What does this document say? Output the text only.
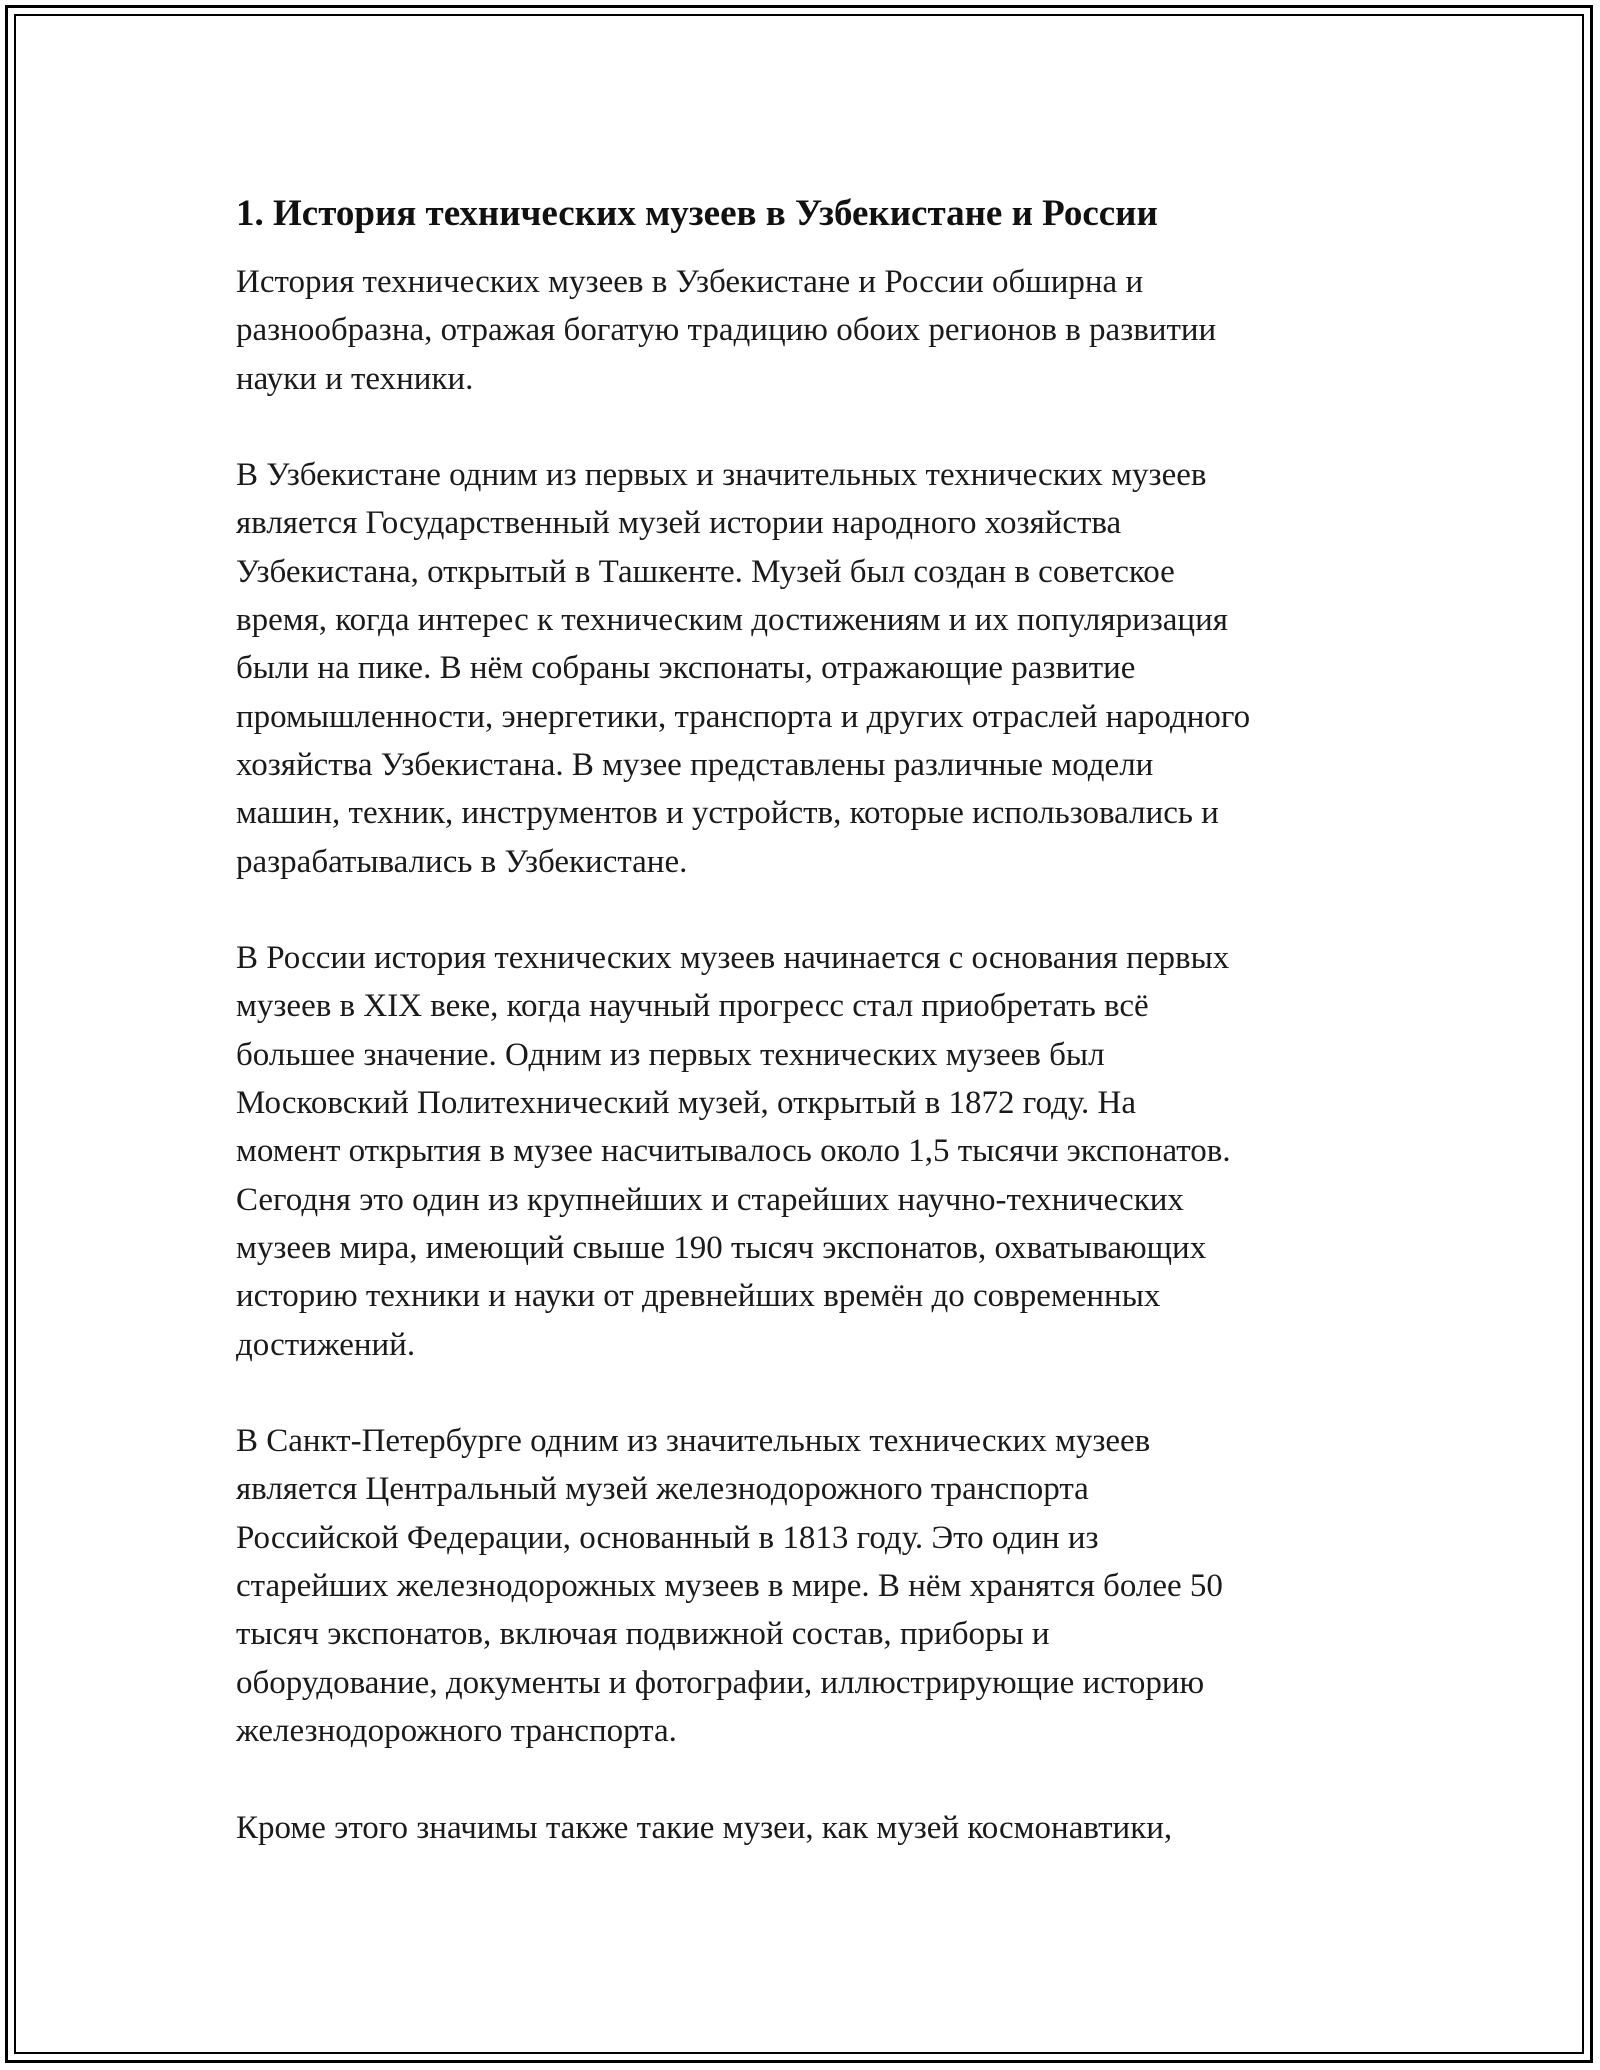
1. История технических музеев в Узбекистане и России

История технических музеев в Узбекистане и России обширна и
разнообразна, отражая богатую традицию обоих регионов в развитии
науки и техники.

В Узбекистане одним из первых и значительных технических музеев
является Государственный музей истории народного хозяйства
Узбекистана, открытый в Ташкенте. Музей был создан в советское
время, когда интерес к техническим достижениям и их популяризация
были на пике. В нём собраны экспонаты, отражающие развитие
промышленности, энергетики, транспорта и других отраслей народного
хозяйства Узбекистана. В музее представлены различные модели
машин, техник, инструментов и устройств, которые использовались и
разрабатывались в Узбекистане.

В России история технических музеев начинается с основания первых
музеев в XIX веке, когда научный прогресс стал приобретать всё
большее значение. Одним из первых технических музеев был
Московский Политехнический музей, открытый в 1872 году. На
момент открытия в музее насчитывалось около 1,5 тысячи экспонатов.
Сегодня это один из крупнейших и старейших научно-технических
музеев мира, имеющий свыше 190 тысяч экспонатов, охватывающих
историю техники и науки от древнейших времён до современных
достижений.

В Санкт-Петербурге одним из значительных технических музеев
является Центральный музей железнодорожного транспорта
Российской Федерации, основанный в 1813 году. Это один из
старейших железнодорожных музеев в мире. В нём хранятся более 50
тысяч экспонатов, включая подвижной состав, приборы и
оборудование, документы и фотографии, иллюстрирующие историю
железнодорожного транспорта.

Кроме этого значимы также такие музеи, как музей космонавтики,
